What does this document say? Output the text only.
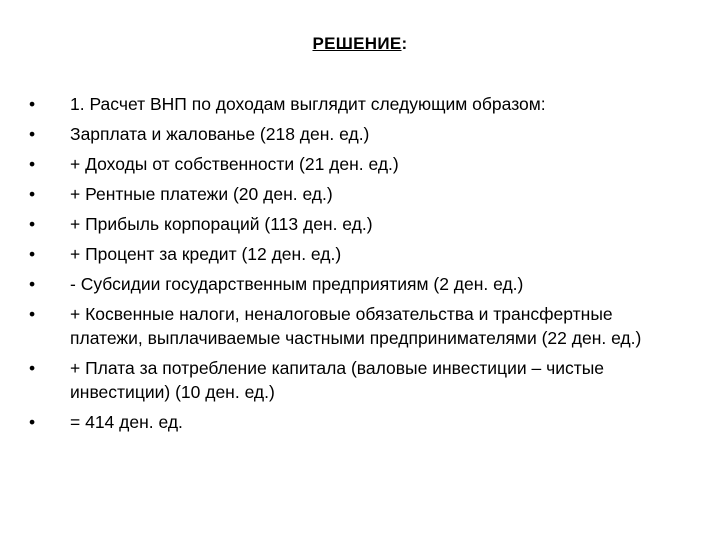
РЕШЕНИЕ:
•	1. Расчет ВНП по доходам выглядит следующим образом:
•	Зарплата и жалованье (218 ден. ед.)
•	+ Доходы от собственности (21 ден. ед.)
•	+ Рентные платежи (20 ден. ед.)
•	+ Прибыль корпораций (113 ден. ед.)
•	+ Процент за кредит (12 ден. ед.)
•	- Субсидии государственным предприятиям (2 ден. ед.)
•	+ Косвенные налоги, неналоговые обязательства и трансфертные платежи, выплачиваемые частными предпринимателями (22 ден. ед.)
•	+ Плата за потребление капитала (валовые инвестиции – чистые инвестиции) (10 ден. ед.)
•	= 414 ден. ед.
